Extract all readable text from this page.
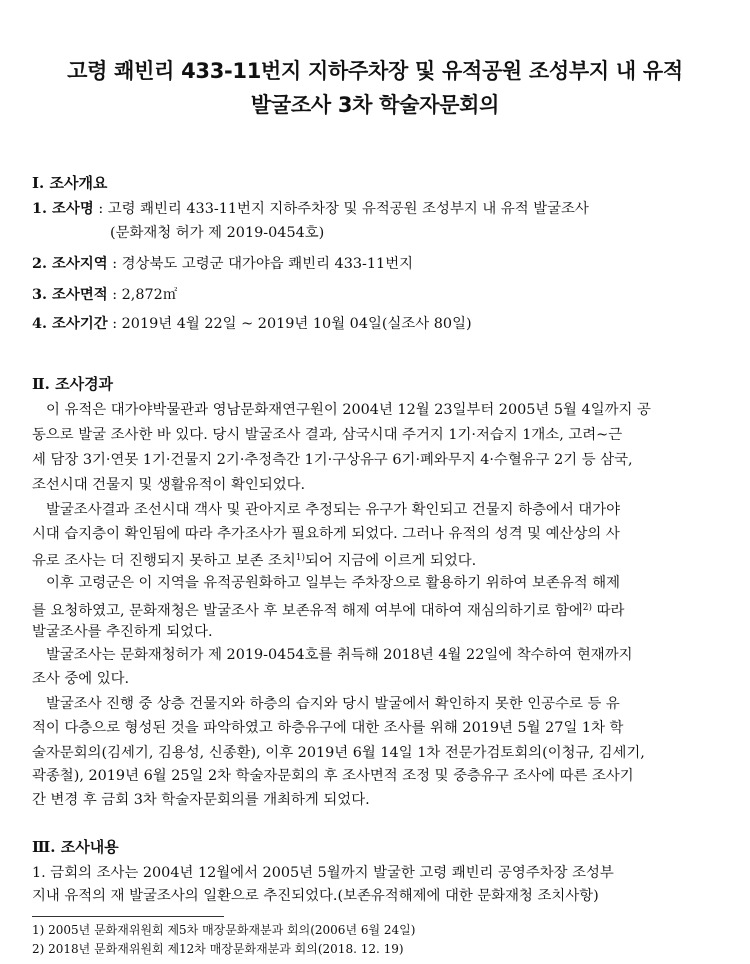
고령 쾌빈리 433-11번지 지하주차장 및 유적공원 조성부지 내 유적
발굴조사 3차 학술자문회의
Ⅰ. 조사개요
1. 조사명 : 고령 쾌빈리 433-11번지 지하주차장 및 유적공원 조성부지 내 유적 발굴조사
(문화재청 허가 제 2019-0454호)
2. 조사지역 : 경상북도 고령군 대가야읍 쾌빈리 433-11번지
3. 조사면적 : 2,872㎡
4. 조사기간 : 2019년 4월 22일 ~ 2019년 10월 04일(실조사 80일)
Ⅱ. 조사경과
이 유적은 대가야박물관과 영남문화재연구원이 2004년 12월 23일부터 2005년 5월 4일까지 공
동으로 발굴 조사한 바 있다. 당시 발굴조사 결과, 삼국시대 주거지 1기·저습지 1개소, 고려~근
세 담장 3기·연못 1기·건물지 2기·추정측간 1기·구상유구 6기·폐와무지 4·수혈유구 2기 등 삼국,
조선시대 건물지 및 생활유적이 확인되었다.
발굴조사결과 조선시대 객사 및 관아지로 추정되는 유구가 확인되고 건물지 하층에서 대가야
시대 습지층이 확인됨에 따라 추가조사가 필요하게 되었다. 그러나 유적의 성격 및 예산상의 사
유로 조사는 더 진행되지 못하고 보존 조치$^{1)}$되어 지금에 이르게 되었다.
이후 고령군은 이 지역을 유적공원화하고 일부는 주차장으로 활용하기 위하여 보존유적 해제
를 요청하였고, 문화재청은 발굴조사 후 보존유적 해제 여부에 대하여 재심의하기로 함에$^{2)}$ 따라
발굴조사를 추진하게 되었다.
발굴조사는 문화재청허가 제 2019-0454호를 취득해 2018년 4월 22일에 착수하여 현재까지
조사 중에 있다.
발굴조사 진행 중 상층 건물지와 하층의 습지와 당시 발굴에서 확인하지 못한 인공수로 등 유
적이 다층으로 형성된 것을 파악하였고 하층유구에 대한 조사를 위해 2019년 5월 27일 1차 학
술자문회의(김세기, 김용성, 신종환), 이후 2019년 6월 14일 1차 전문가검토회의(이청규, 김세기,
곽종철), 2019년 6월 25일 2차 학술자문회의 후 조사면적 조정 및 중층유구 조사에 따른 조사기
간 변경 후 금회 3차 학술자문회의를 개최하게 되었다.
Ⅲ. 조사내용
1. 금회의 조사는 2004년 12월에서 2005년 5월까지 발굴한 고령 쾌빈리 공영주차장 조성부
지내 유적의 재 발굴조사의 일환으로 추진되었다.(보존유적해제에 대한 문화재청 조치사항)
1) 2005년 문화재위원회 제5차 매장문화재분과 회의(2006년 6월 24일)
2) 2018년 문화재위원회 제12차 매장문화재분과 회의(2018. 12. 19)
